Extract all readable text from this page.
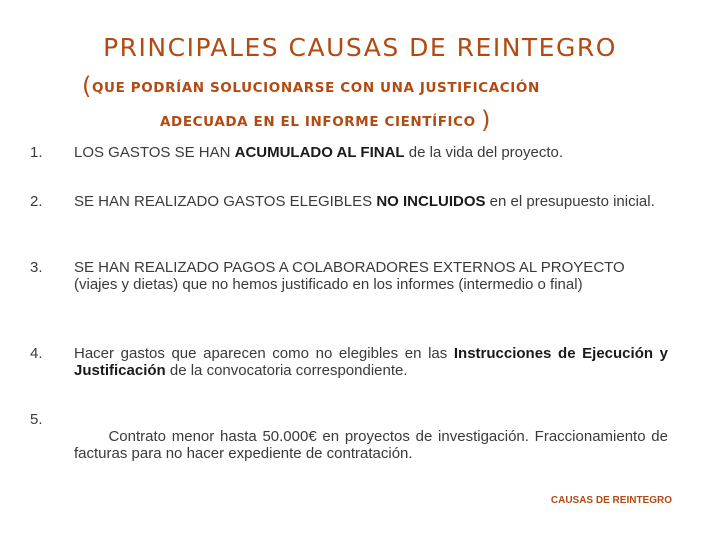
PRINCIPALES CAUSAS DE REINTEGRO
(QUE PODRÍAN SOLUCIONARSE CON UNA JUSTIFICACIÓN
ADECUADA EN EL INFORME CIENTÍFICO )
1. LOS GASTOS SE HAN ACUMULADO AL FINAL de la vida del proyecto.
2. SE HAN REALIZADO GASTOS ELEGIBLES NO INCLUIDOS en el presupuesto inicial.
3. SE HAN REALIZADO PAGOS A COLABORADORES EXTERNOS AL PROYECTO (viajes y dietas) que no hemos justificado en los informes (intermedio o final)
4. Hacer gastos que aparecen como no elegibles en las Instrucciones de Ejecución y Justificación de la convocatoria correspondiente.
5.

Contrato menor hasta 50.000€ en proyectos de investigación. Fraccionamiento de facturas para no hacer expediente de contratación.

CAUSAS DE REINTEGRO
